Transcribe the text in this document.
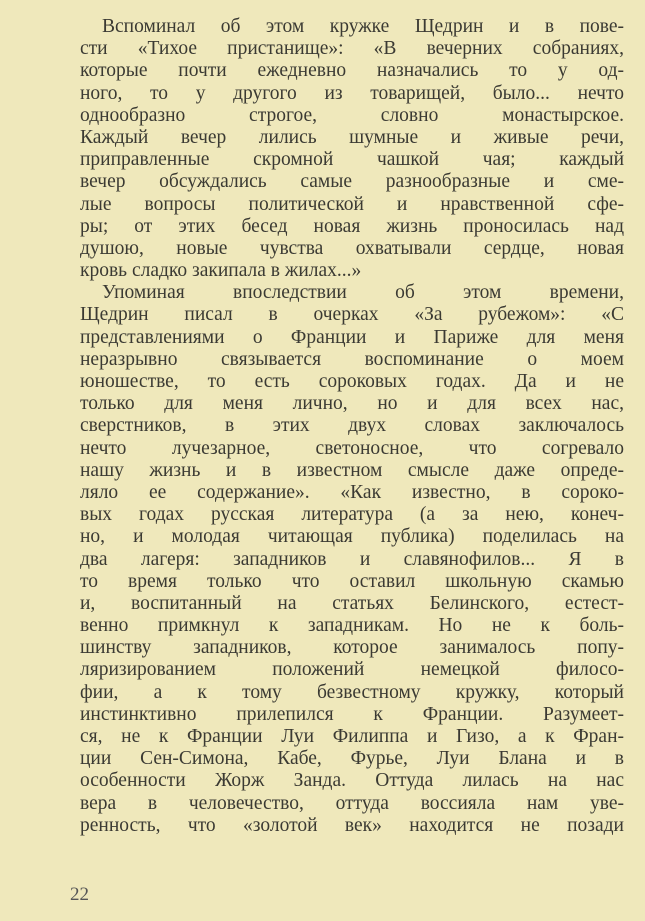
Вспоминал об этом кружке Щедрин и в пове-
сти «Тихое пристанище»: «В вечерних собраниях,
которые почти ежедневно назначались то у од-
ного, то у другого из товарищей, было... нечто
однообразно строгое, словно монастырское.
Каждый вечер лились шумные и живые речи,
приправленные скромной чашкой чая; каждый
вечер обсуждались самые разнообразные и сме-
лые вопросы политической и нравственной сфе-
ры; от этих бесед новая жизнь проносилась над
душою, новые чувства охватывали сердце, новая
кровь сладко закипала в жилах...»
Упоминая впоследствии об этом времени,
Щедрин писал в очерках «За рубежом»: «С
представлениями о Франции и Париже для меня
неразрывно связывается воспоминание о моем
юношестве, то есть сороковых годах. Да и не
только для меня лично, но и для всех нас,
сверстников, в этих двух словах заключалось
нечто лучезарное, светоносное, что согревало
нашу жизнь и в известном смысле даже опреде-
ляло ее содержание». «Как известно, в сороко-
вых годах русская литература (а за нею, конеч-
но, и молодая читающая публика) поделилась на
два лагеря: западников и славянофилов... Я в
то время только что оставил школьную скамью
и, воспитанный на статьях Белинского, естест-
венно примкнул к западникам. Но не к боль-
шинству западников, которое занималось попу-
ляризированием положений немецкой филосо-
фии, а к тому безвестному кружку, который
инстинктивно прилепился к Франции. Разумеет-
ся, не к Франции Луи Филиппа и Гизо, а к Фран-
ции Сен-Симона, Кабе, Фурье, Луи Блана и в
особенности Жорж Занда. Оттуда лилась на нас
вера в человечество, оттуда воссияла нам уве-
ренность, что «золотой век» находится не позади
22
